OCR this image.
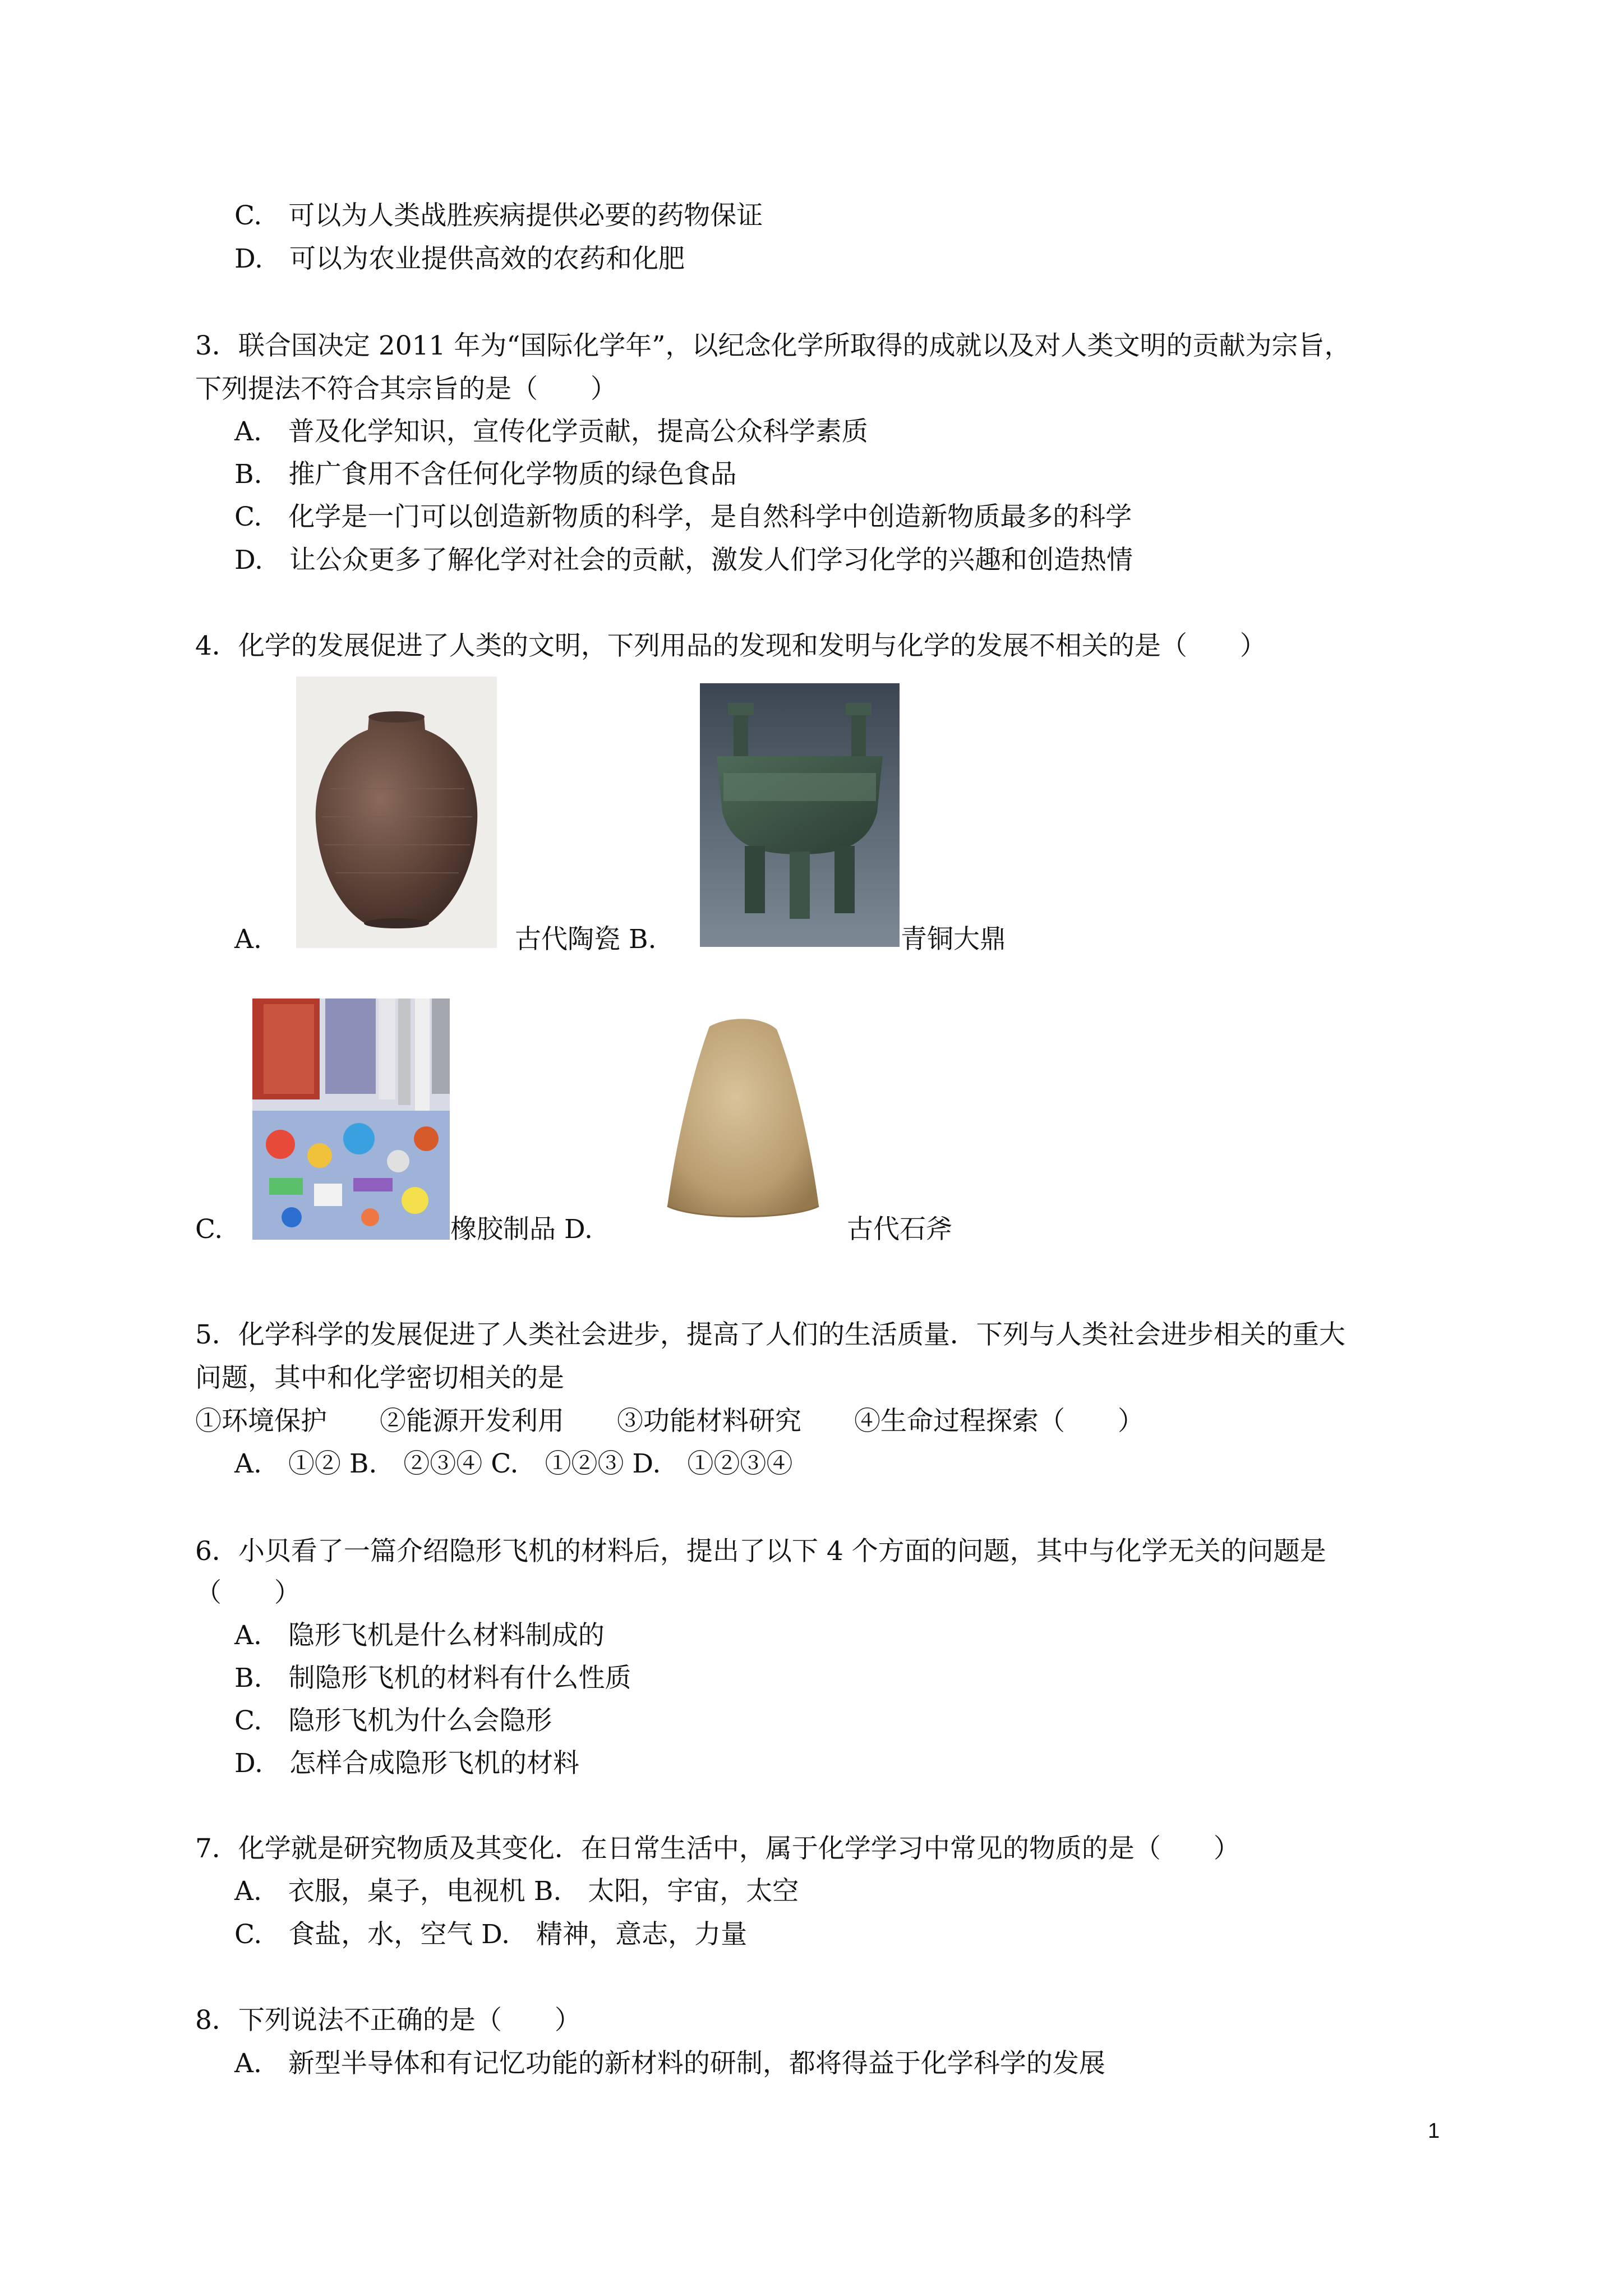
C.　可以为人类战胜疾病提供必要的药物保证
D.　可以为农业提供高效的农药和化肥
3．联合国决定 2011 年为“国际化学年”，以纪念化学所取得的成就以及对人类文明的贡献为宗旨，
下列提法不符合其宗旨的是（　　）
A.　普及化学知识，宣传化学贡献，提高公众科学素质
B.　推广食用不含任何化学物质的绿色食品
C.　化学是一门可以创造新物质的科学，是自然科学中创造新物质最多的科学
D.　让公众更多了解化学对社会的贡献，激发人们学习化学的兴趣和创造热情
4．化学的发展促进了人类的文明，下列用品的发现和发明与化学的发展不相关的是（　　）
A.	古代陶瓷 B.	青铜大鼎
C.	橡胶制品 D.	古代石斧
5．化学科学的发展促进了人类社会进步，提高了人们的生活质量．下列与人类社会进步相关的重大
问题，其中和化学密切相关的是
①环境保护　　②能源开发利用　　③功能材料研究　　④生命过程探索（　　）
A.　①② B.　②③④ C.　①②③ D.　①②③④
6．小贝看了一篇介绍隐形飞机的材料后，提出了以下 4 个方面的问题，其中与化学无关的问题是
（　　）
A.　隐形飞机是什么材料制成的
B.　制隐形飞机的材料有什么性质
C.　隐形飞机为什么会隐形
D.　怎样合成隐形飞机的材料
7．化学就是研究物质及其变化．在日常生活中，属于化学学习中常见的物质的是（　　）
A.　衣服，桌子，电视机 B.　太阳，宇宙，太空
C.　食盐，水，空气 D.　精神，意志，力量
8．下列说法不正确的是（　　）
A.　新型半导体和有记忆功能的新材料的研制，都将得益于化学科学的发展
1
